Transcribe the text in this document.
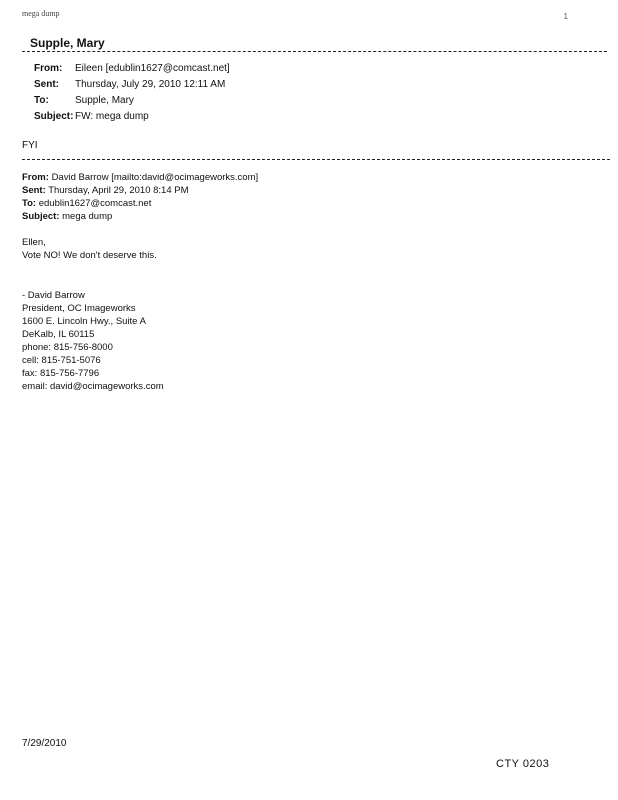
mega dump	1
Supple, Mary
From: Eileen [edublin1627@comcast.net]
Sent: Thursday, July 29, 2010 12:11 AM
To:	Supple, Mary
Subject: FW: mega dump
FYI
From: David Barrow [mailto:david@ocimageworks.com]
Sent: Thursday, April 29, 2010 8:14 PM
To: edublin1627@comcast.net
Subject: mega dump
Ellen,
Vote NO! We don't deserve this.
- David Barrow
President, OC Imageworks
1600 E. Lincoln Hwy., Suite A
DeKalb, IL 60115
phone: 815-756-8000
cell: 815-751-5076
fax: 815-756-7796
email: david@ocimageworks.com
7/29/2010
CTY 0203
